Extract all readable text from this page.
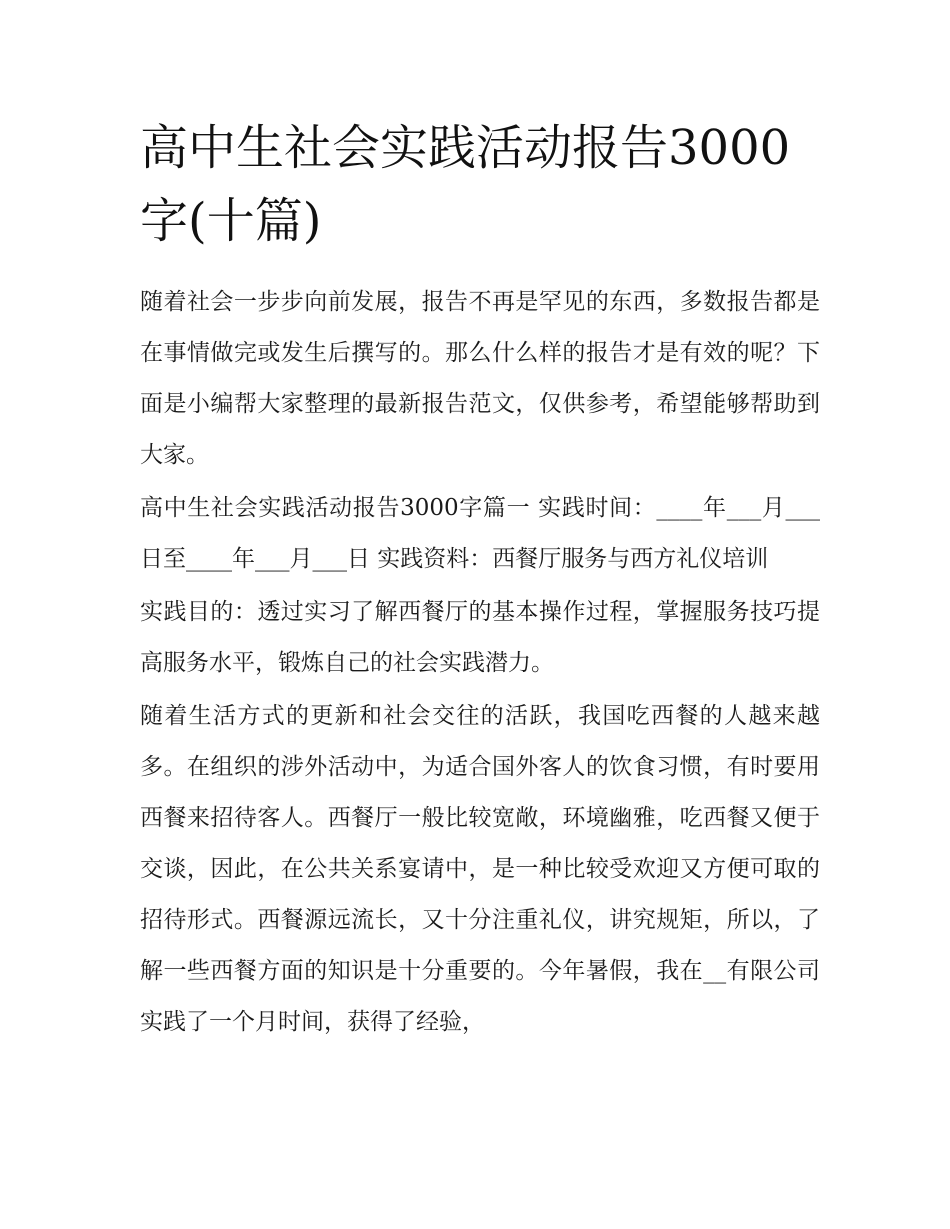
高中生社会实践活动报告3000字(十篇)

随着社会一步步向前发展，报告不再是罕见的东西，多数报告都是在事情做完或发生后撰写的。那么什么样的报告才是有效的呢？下面是小编帮大家整理的最新报告范文，仅供参考，希望能够帮助到大家。

高中生社会实践活动报告3000字篇一 实践时间：____年___月___日至____年___月___日 实践资料：西餐厅服务与西方礼仪培训

实践目的：透过实习了解西餐厅的基本操作过程，掌握服务技巧提高服务水平，锻炼自己的社会实践潜力。

随着生活方式的更新和社会交往的活跃，我国吃西餐的人越来越多。在组织的涉外活动中，为适合国外客人的饮食习惯，有时要用西餐来招待客人。西餐厅一般比较宽敞，环境幽雅，吃西餐又便于交谈，因此，在公共关系宴请中，是一种比较受欢迎又方便可取的招待形式。西餐源远流长，又十分注重礼仪，讲究规矩，所以，了解一些西餐方面的知识是十分重要的。今年暑假，我在__有限公司实践了一个月时间，获得了经验，
